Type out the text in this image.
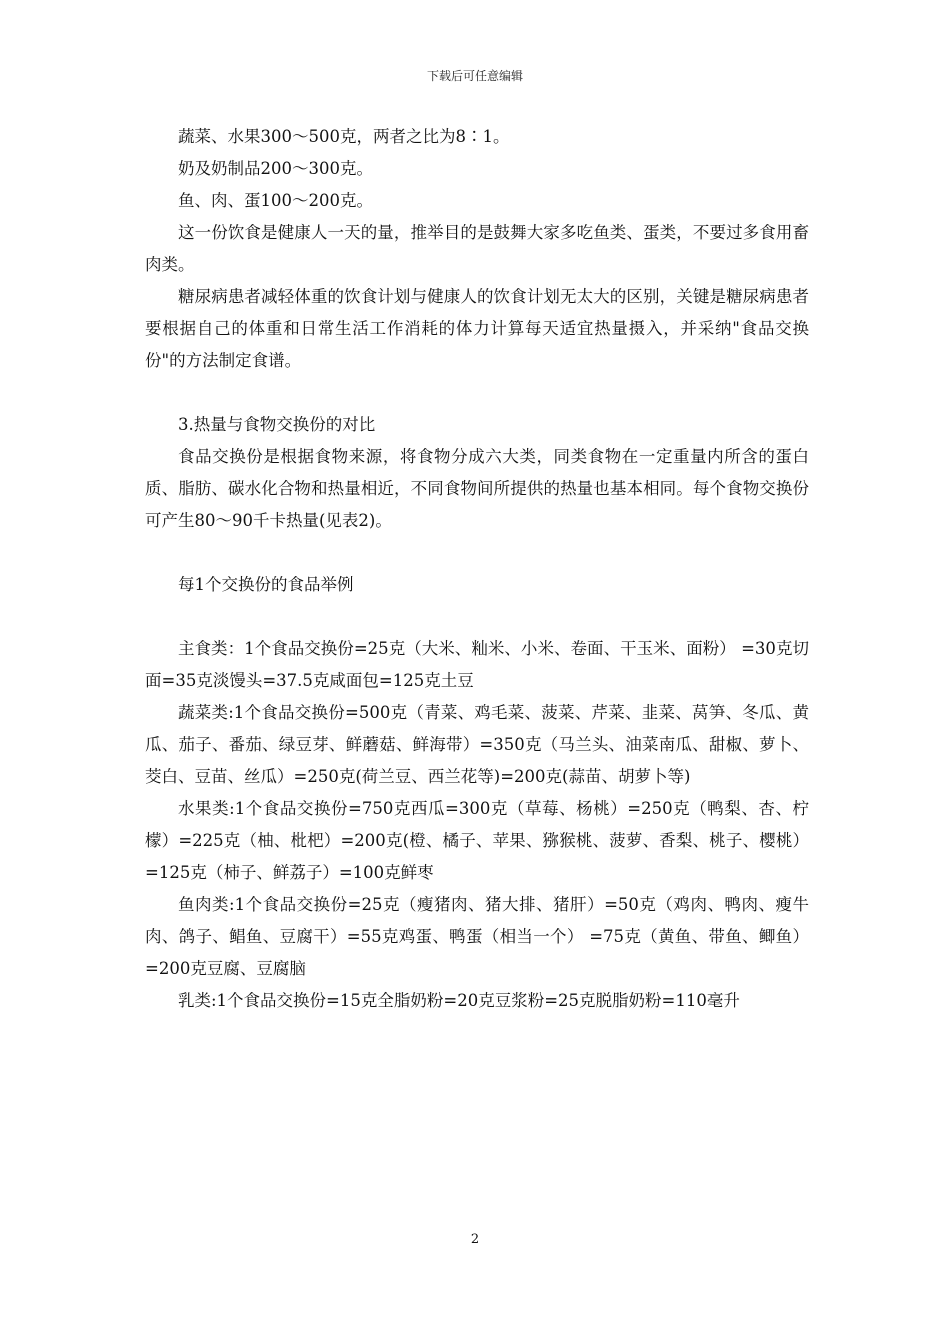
下载后可任意编辑

蔬菜、水果300～500克，两者之比为8∶1。

奶及奶制品200～300克。

鱼、肉、蛋100～200克。

这一份饮食是健康人一天的量，推举目的是鼓舞大家多吃鱼类、蛋类，不要过多食用畜肉类。

糖尿病患者减轻体重的饮食计划与健康人的饮食计划无太大的区别，关键是糖尿病患者要根据自己的体重和日常生活工作消耗的体力计算每天适宜热量摄入，并采纳"食品交换份"的方法制定食谱。

3.热量与食物交换份的对比

食品交换份是根据食物来源，将食物分成六大类，同类食物在一定重量内所含的蛋白质、脂肪、碳水化合物和热量相近，不同食物间所提供的热量也基本相同。每个食物交换份可产生80～90千卡热量(见表2)。

每1个交换份的食品举例

主食类：1个食品交换份=25克（大米、籼米、小米、卷面、干玉米、面粉） =30克切面=35克淡馒头=37.5克咸面包=125克土豆

蔬菜类:1个食品交换份=500克（青菜、鸡毛菜、菠菜、芹菜、韭菜、莴笋、冬瓜、黄瓜、茄子、番茄、绿豆芽、鲜蘑菇、鲜海带）=350克（马兰头、油菜南瓜、甜椒、萝卜、茭白、豆苗、丝瓜）=250克(荷兰豆、西兰花等)=200克(蒜苗、胡萝卜等)

水果类:1个食品交换份=750克西瓜=300克（草莓、杨桃）=250克（鸭梨、杏、柠檬）=225克（柚、枇杷）=200克(橙、橘子、苹果、猕猴桃、菠萝、香梨、桃子、樱桃）=125克（柿子、鲜荔子）=100克鲜枣

鱼肉类:1个食品交换份=25克（瘦猪肉、猪大排、猪肝）=50克（鸡肉、鸭肉、瘦牛肉、鸽子、鲳鱼、豆腐干）=55克鸡蛋、鸭蛋（相当一个） =75克（黄鱼、带鱼、鲫鱼）=200克豆腐、豆腐脑

乳类:1个食品交换份=15克全脂奶粉=20克豆浆粉=25克脱脂奶粉=110毫升

2
